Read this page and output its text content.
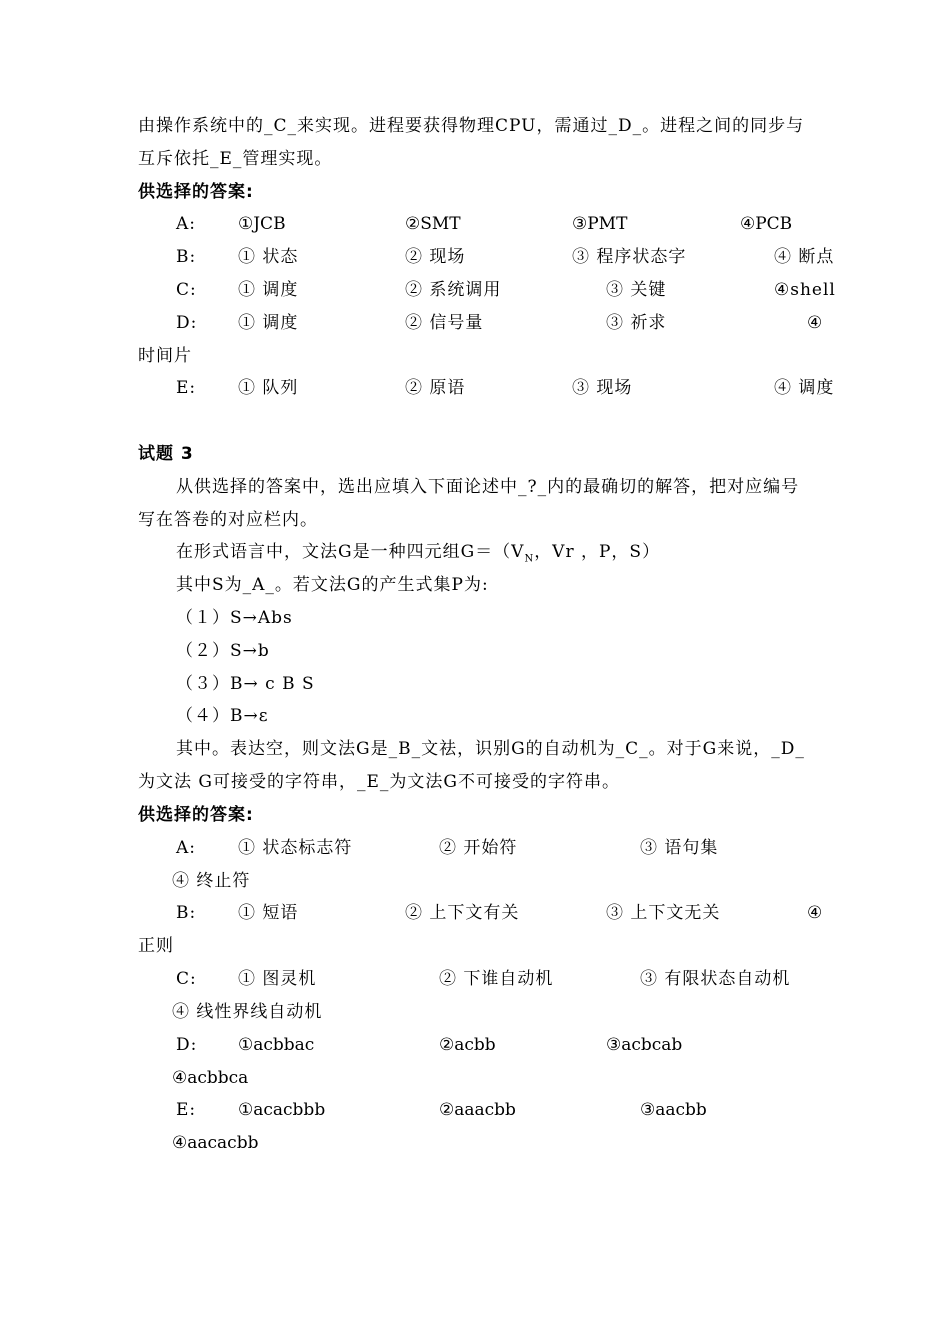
由操作系统中的_C_来实现。进程要获得物理CPU，需通过_D_。进程之间的同步与
互斥依托_E_管理实现。
供选择的答案:
A: ①JCB	②SMT	③PMT	④PCB
B: ① 状态	② 现场	③ 程序状态字	④ 断点
C: ① 调度	② 系统调用	③ 关键	④shell
D: ① 调度	② 信号量	③ 祈求	④
时间片
E: ① 队列	② 原语	③ 现场	④ 调度
试题 3
从供选择的答案中，选出应填入下面论述中_?_内的最确切的解答，把对应编号
写在答卷的对应栏内。
在形式语言中，文法G是一种四元组$G=(V_N$，Vr ，P，S）
其中S为_A_。若文法G的产生式集P为:
（１）S→Abs
（２）S→b
（３）B→ c B S
（４）B→ε
其中。表达空，则文法G是_B_文祛，识别G的自动机为_C_。对于G来说，_D_
为文法 G可接受的字符串，_E_为文法G不可接受的字符串。
供选择的答案:
A: ① 状态标志符	② 开始符	③ 语句集
④ 终止符
B: ① 短语	② 上下文有关	③ 上下文无关	④
正则
C: ① 图灵机	② 下谁自动机	③ 有限状态自动机
④ 线性界线自动机
D: ①acbbac	②acbb	③acbcab
④acbbca
E: ①acacbbb	②aaacbb	③aacbb
④aacacbb
